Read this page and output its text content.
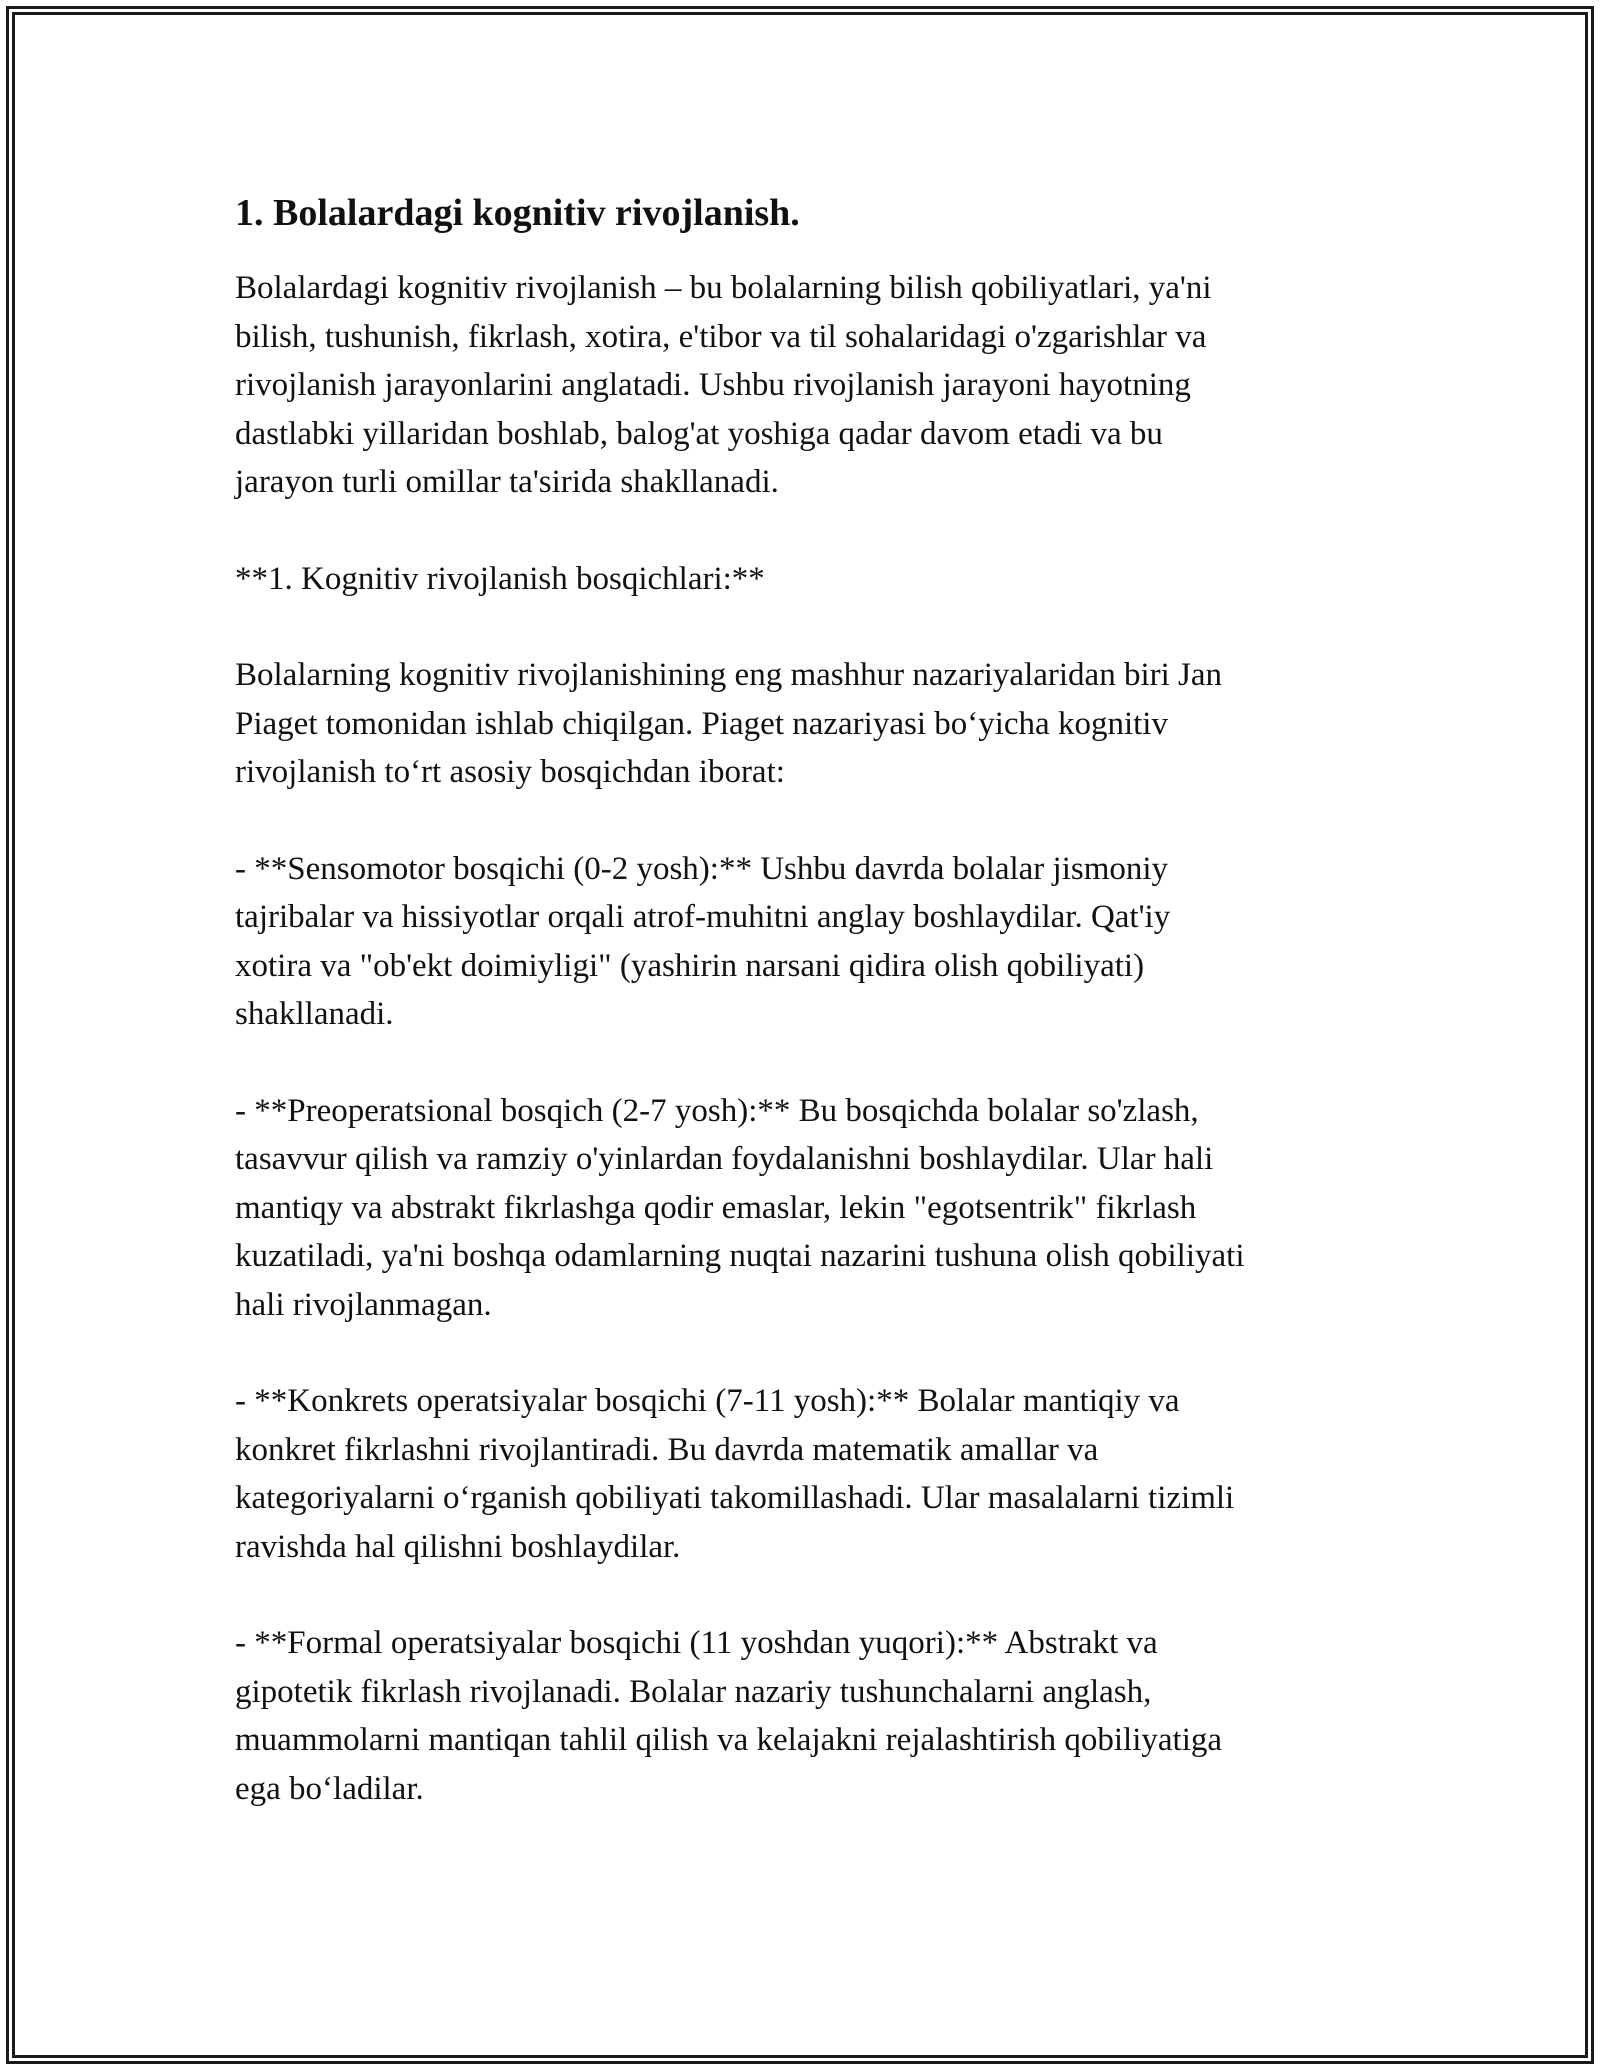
1. Bolalardagi kognitiv rivojlanish.

Bolalardagi kognitiv rivojlanish – bu bolalarning bilish qobiliyatlari, ya'ni
bilish, tushunish, fikrlash, xotira, e'tibor va til sohalaridagi o'zgarishlar va
rivojlanish jarayonlarini anglatadi. Ushbu rivojlanish jarayoni hayotning
dastlabki yillaridan boshlab, balog'at yoshiga qadar davom etadi va bu
jarayon turli omillar ta'sirida shakllanadi.

**1. Kognitiv rivojlanish bosqichlari:**

Bolalarning kognitiv rivojlanishining eng mashhur nazariyalaridan biri Jan
Piaget tomonidan ishlab chiqilgan. Piaget nazariyasi bo‘yicha kognitiv
rivojlanish to‘rt asosiy bosqichdan iborat:

- **Sensomotor bosqichi (0-2 yosh):** Ushbu davrda bolalar jismoniy
tajribalar va hissiyotlar orqali atrof-muhitni anglay boshlaydilar. Qat'iy
xotira va "ob'ekt doimiyligi" (yashirin narsani qidira olish qobiliyati)
shakllanadi.

- **Preoperatsional bosqich (2-7 yosh):** Bu bosqichda bolalar so'zlash,
tasavvur qilish va ramziy o'yinlardan foydalanishni boshlaydilar. Ular hali
mantiqy va abstrakt fikrlashga qodir emaslar, lekin "egotsentrik" fikrlash
kuzatiladi, ya'ni boshqa odamlarning nuqtai nazarini tushuna olish qobiliyati
hali rivojlanmagan.

- **Konkrets operatsiyalar bosqichi (7-11 yosh):** Bolalar mantiqiy va
konkret fikrlashni rivojlantiradi. Bu davrda matematik amallar va
kategoriyalarni o‘rganish qobiliyati takomillashadi. Ular masalalarni tizimli
ravishda hal qilishni boshlaydilar.

- **Formal operatsiyalar bosqichi (11 yoshdan yuqori):** Abstrakt va
gipotetik fikrlash rivojlanadi. Bolalar nazariy tushunchalarni anglash,
muammolarni mantiqan tahlil qilish va kelajakni rejalashtirish qobiliyatiga
ega bo‘ladilar.
